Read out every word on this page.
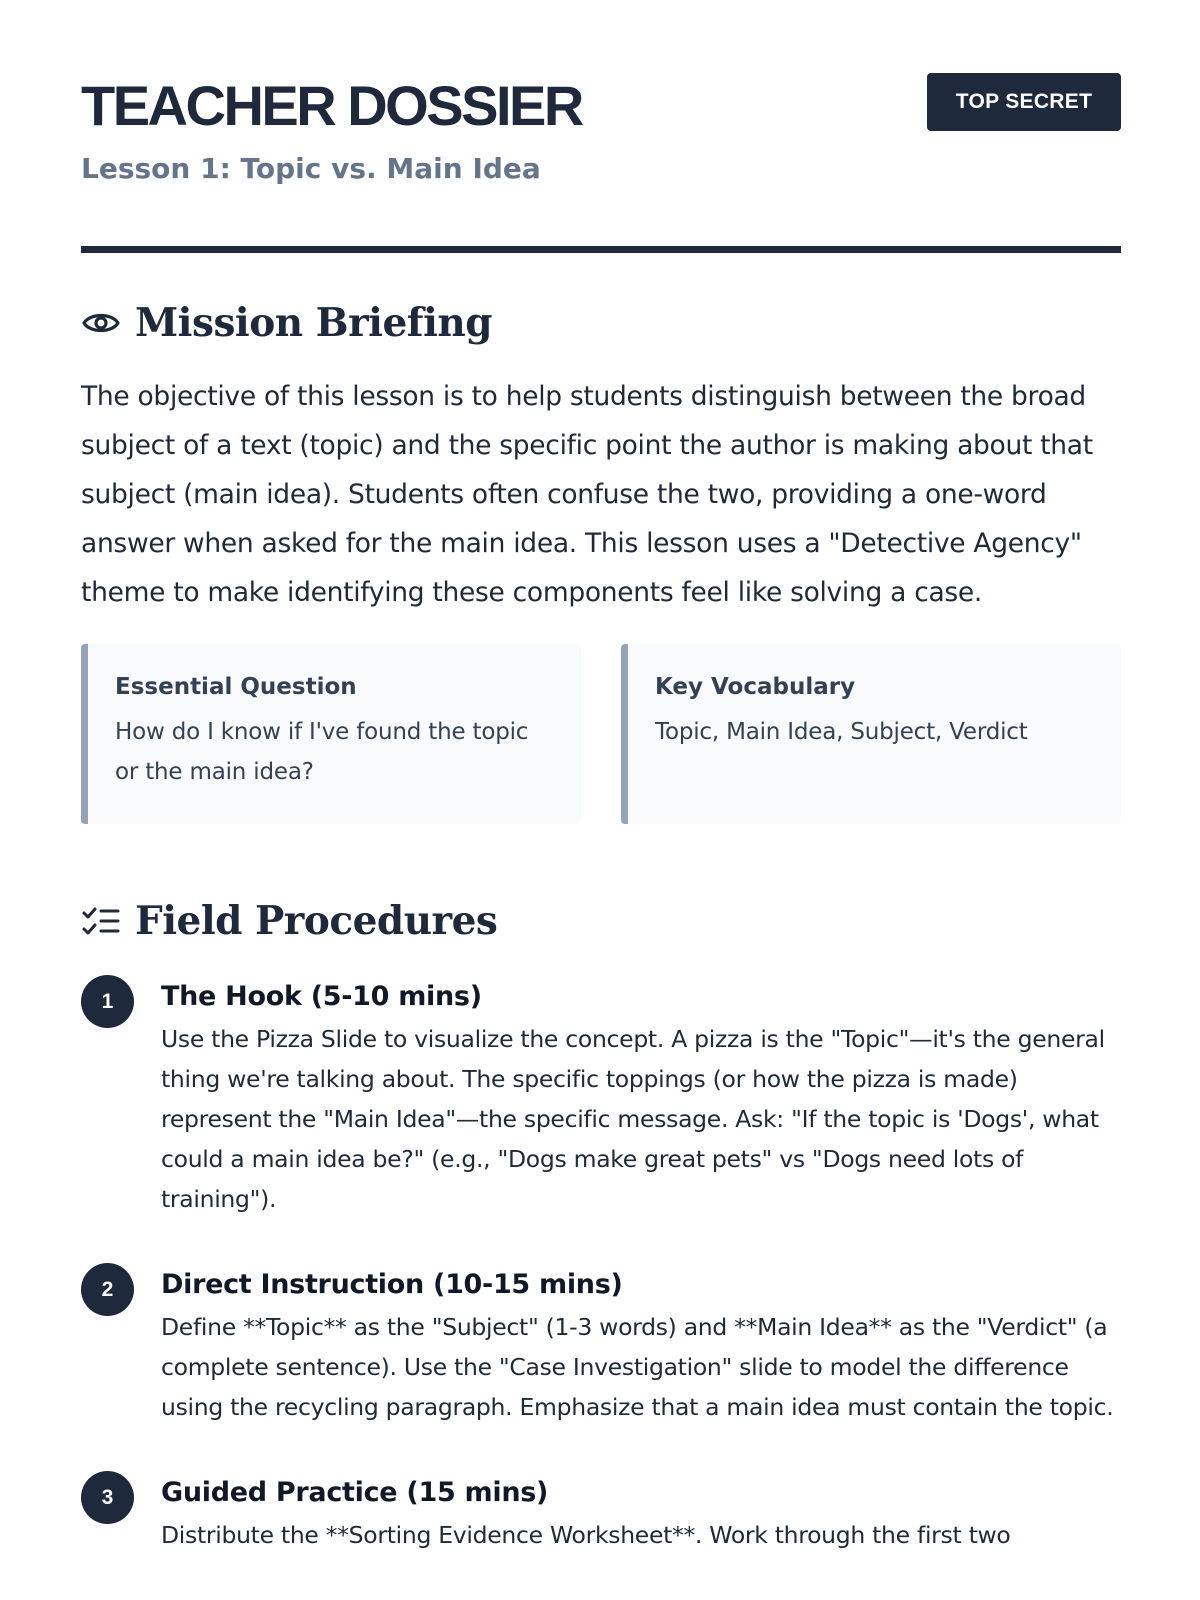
TEACHER DOSSIER

Lesson 1: Topic vs. Main Idea

TOP SECRET
Mission Briefing

The objective of this lesson is to help students distinguish between the broad subject of a text (topic) and the specific point the author is making about that subject (main idea). Students often confuse the two, providing a one-word answer when asked for the main idea. This lesson uses a "Detective Agency" theme to make identifying these components feel like solving a case.

Essential Question

How do I know if I've found the topic or the main idea?

Key Vocabulary

Topic, Main Idea, Subject, Verdict

Field Procedures
1	The Hook (5-10 mins)

Use the Pizza Slide to visualize the concept. A pizza is the "Topic"—it's the general thing we're talking about. The specific toppings (or how the pizza is made) represent the "Main Idea"—the specific message. Ask: "If the topic is 'Dogs', what could a main idea be?" (e.g., "Dogs make great pets" vs "Dogs need lots of training").

2	Direct Instruction (10-15 mins)

Define **Topic** as the "Subject" (1-3 words) and **Main Idea** as the "Verdict" (a complete sentence). Use the "Case Investigation" slide to model the difference using the recycling paragraph. Emphasize that a main idea must contain the topic.

3	Guided Practice (15 mins)

Distribute the **Sorting Evidence Worksheet**. Work through the first two
